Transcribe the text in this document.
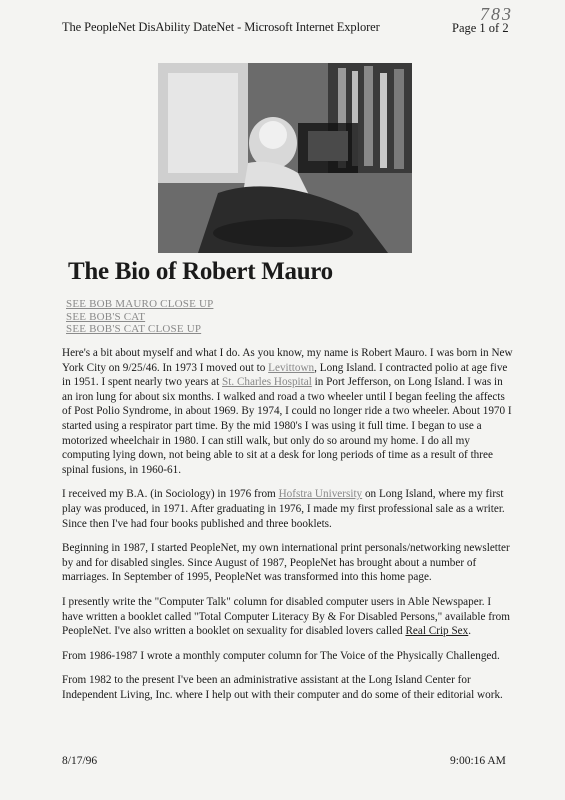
The PeopleNet DisAbility DateNet - Microsoft Internet Explorer	Page 1 of 2
783
The Bio of Robert Mauro
SEE BOB MAURO CLOSE UP
SEE BOB'S CAT
SEE BOB'S CAT CLOSE UP

Here's a bit about myself and what I do. As you know, my name is Robert Mauro. I was born in New York City on 9/25/46. In 1973 I moved out to Levittown, Long Island. I contracted polio at age five in 1951. I spent nearly two years at St. Charles Hospital in Port Jefferson, on Long Island. I was in an iron lung for about six months. I walked and road a two wheeler until I began feeling the affects of Post Polio Syndrome, in about 1969. By 1974, I could no longer ride a two wheeler. About 1970 I started using a respirator part time. By the mid 1980's I was using it full time. I began to use a motorized wheelchair in 1980. I can still walk, but only do so around my home. I do all my computing lying down, not being able to sit at a desk for long periods of time as a result of three spinal fusions, in 1960-61.

I received my B.A. (in Sociology) in 1976 from Hofstra University on Long Island, where my first play was produced, in 1971. After graduating in 1976, I made my first professional sale as a writer. Since then I've had four books published and three booklets.

Beginning in 1987, I started PeopleNet, my own international print personals/networking newsletter by and for disabled singles. Since August of 1987, PeopleNet has brought about a number of marriages. In September of 1995, PeopleNet was transformed into this home page.

I presently write the "Computer Talk" column for disabled computer users in Able Newspaper. I have written a booklet called "Total Computer Literacy By & For Disabled Persons," available from PeopleNet. I've also written a booklet on sexuality for disabled lovers called Real Crip Sex.

From 1986-1987 I wrote a monthly computer column for The Voice of the Physically Challenged.

From 1982 to the present I've been an administrative assistant at the Long Island Center for Independent Living, Inc. where I help out with their computer and do some of their editorial work.

8/17/96	9:00:16 AM
